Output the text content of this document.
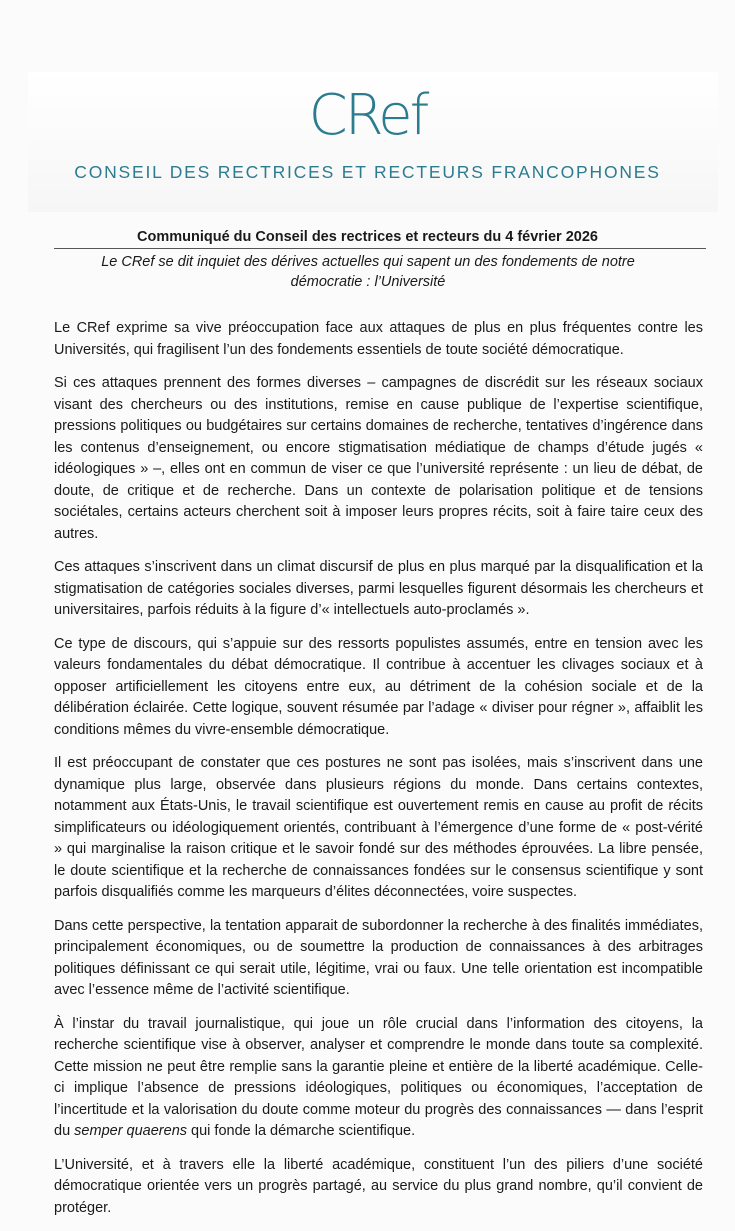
CRef
CONSEIL DES RECTRICES ET RECTEURS FRANCOPHONES
Communiqué du Conseil des rectrices et recteurs du 4 février 2026
Le CRef se dit inquiet des dérives actuelles qui sapent un des fondements de notre démocratie : l’Université

Le CRef exprime sa vive préoccupation face aux attaques de plus en plus fréquentes contre les Universités, qui fragilisent l’un des fondements essentiels de toute société démocratique.

Si ces attaques prennent des formes diverses – campagnes de discrédit sur les réseaux sociaux visant des chercheurs ou des institutions, remise en cause publique de l’expertise scientifique, pressions politiques ou budgétaires sur certains domaines de recherche, tentatives d’ingérence dans les contenus d’enseignement, ou encore stigmatisation médiatique de champs d’étude jugés « idéologiques » –, elles ont en commun de viser ce que l’université représente : un lieu de débat, de doute, de critique et de recherche. Dans un contexte de polarisation politique et de tensions sociétales, certains acteurs cherchent soit à imposer leurs propres récits, soit à faire taire ceux des autres.

Ces attaques s’inscrivent dans un climat discursif de plus en plus marqué par la disqualification et la stigmatisation de catégories sociales diverses, parmi lesquelles figurent désormais les chercheurs et universitaires, parfois réduits à la figure d’« intellectuels auto-proclamés ».

Ce type de discours, qui s’appuie sur des ressorts populistes assumés, entre en tension avec les valeurs fondamentales du débat démocratique. Il contribue à accentuer les clivages sociaux et à opposer artificiellement les citoyens entre eux, au détriment de la cohésion sociale et de la délibération éclairée. Cette logique, souvent résumée par l’adage « diviser pour régner », affaiblit les conditions mêmes du vivre-ensemble démocratique.

Il est préoccupant de constater que ces postures ne sont pas isolées, mais s’inscrivent dans une dynamique plus large, observée dans plusieurs régions du monde. Dans certains contextes, notamment aux États-Unis, le travail scientifique est ouvertement remis en cause au profit de récits simplificateurs ou idéologiquement orientés, contribuant à l’émergence d’une forme de « post-vérité » qui marginalise la raison critique et le savoir fondé sur des méthodes éprouvées. La libre pensée, le doute scientifique et la recherche de connaissances fondées sur le consensus scientifique y sont parfois disqualifiés comme les marqueurs d’élites déconnectées, voire suspectes.

Dans cette perspective, la tentation apparait de subordonner la recherche à des finalités immédiates, principalement économiques, ou de soumettre la production de connaissances à des arbitrages politiques définissant ce qui serait utile, légitime, vrai ou faux. Une telle orientation est incompatible avec l’essence même de l’activité scientifique.

À l’instar du travail journalistique, qui joue un rôle crucial dans l’information des citoyens, la recherche scientifique vise à observer, analyser et comprendre le monde dans toute sa complexité. Cette mission ne peut être remplie sans la garantie pleine et entière de la liberté académique. Celle-ci implique l’absence de pressions idéologiques, politiques ou économiques, l’acceptation de l’incertitude et la valorisation du doute comme moteur du progrès des connaissances — dans l’esprit du semper quaerens qui fonde la démarche scientifique.

L’Université, et à travers elle la liberté académique, constituent l’un des piliers d’une société démocratique orientée vers un progrès partagé, au service du plus grand nombre, qu’il convient de protéger.
